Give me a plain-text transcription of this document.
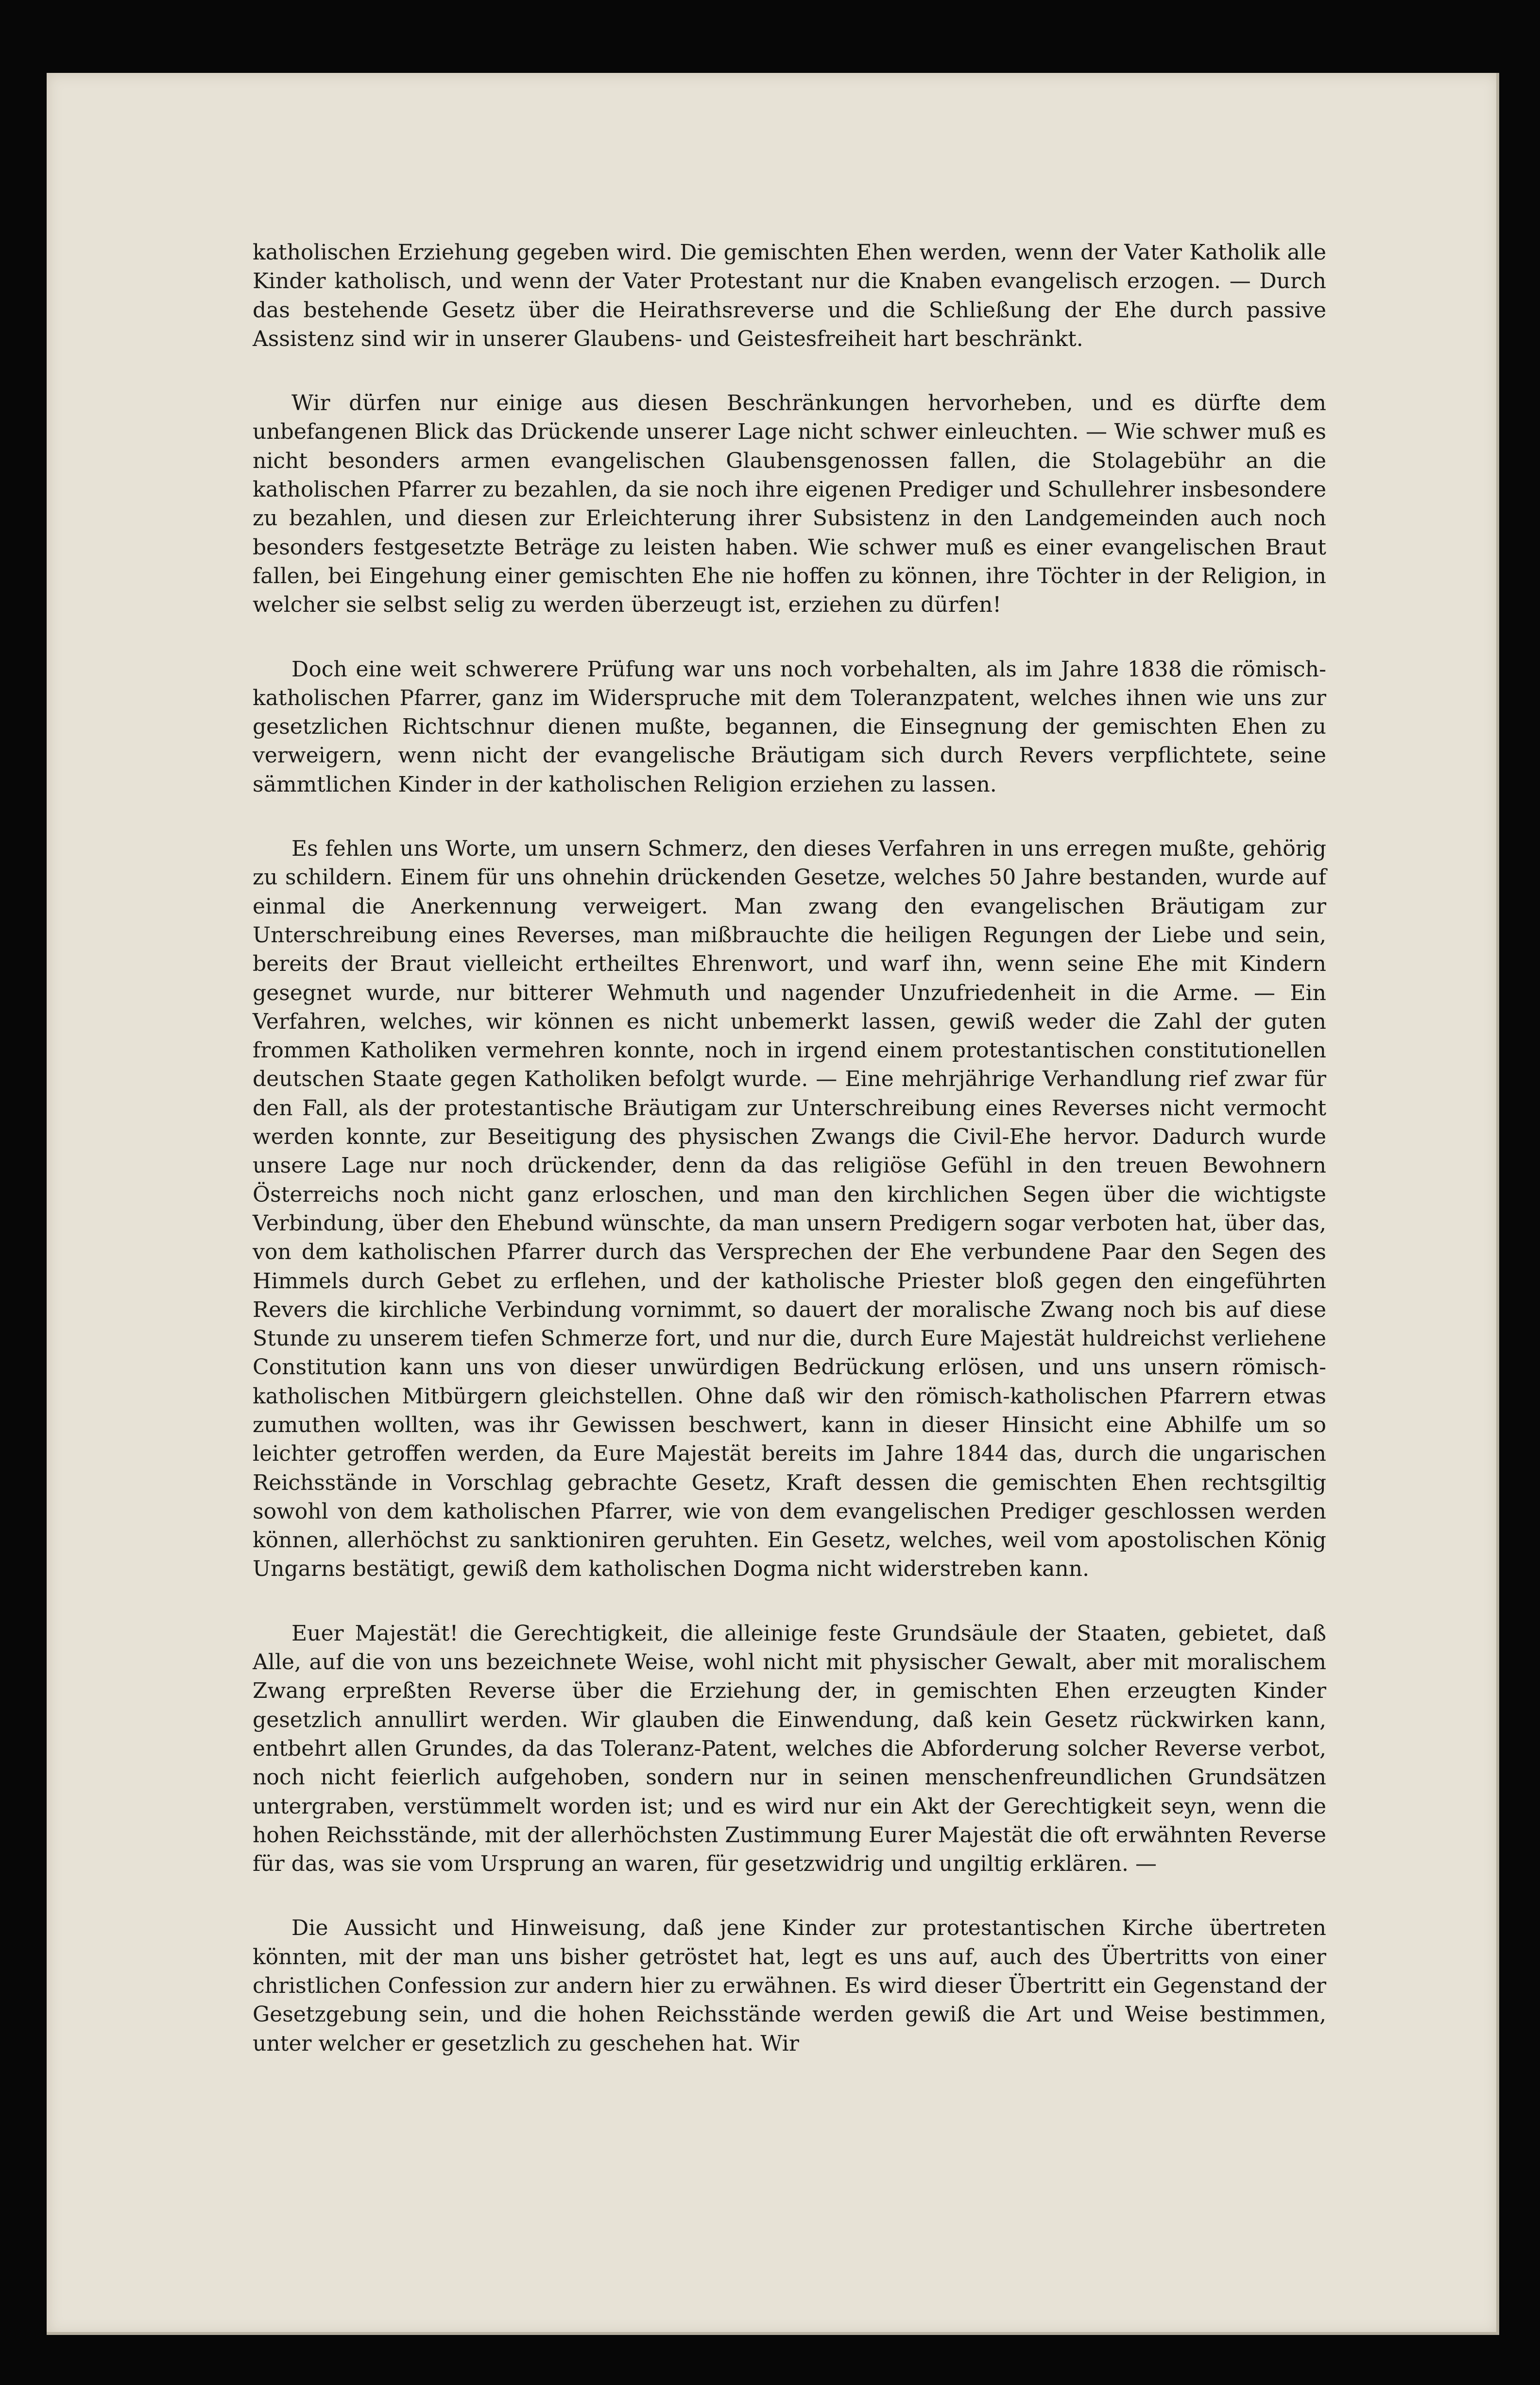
katholischen Erziehung gegeben wird. Die gemischten Ehen werden, wenn der Vater Katholik alle Kinder katholisch, und wenn der Vater Protestant nur die Knaben evangelisch erzogen. — Durch das bestehende Gesetz über die Heirathsreverse und die Schließung der Ehe durch passive Assistenz sind wir in unserer Glaubens- und Geistesfreiheit hart beschränkt.

Wir dürfen nur einige aus diesen Beschränkungen hervorheben, und es dürfte dem unbefangenen Blick das Drückende unserer Lage nicht schwer einleuchten. — Wie schwer muß es nicht besonders armen evangelischen Glaubensgenossen fallen, die Stolagebühr an die katholischen Pfarrer zu bezahlen, da sie noch ihre eigenen Prediger und Schullehrer insbesondere zu bezahlen, und diesen zur Erleichterung ihrer Subsistenz in den Landgemeinden auch noch besonders festgesetzte Beträge zu leisten haben. Wie schwer muß es einer evangelischen Braut fallen, bei Eingehung einer gemischten Ehe nie hoffen zu können, ihre Töchter in der Religion, in welcher sie selbst selig zu werden überzeugt ist, erziehen zu dürfen!

Doch eine weit schwerere Prüfung war uns noch vorbehalten, als im Jahre 1838 die römisch-katholischen Pfarrer, ganz im Widerspruche mit dem Toleranzpatent, welches ihnen wie uns zur gesetzlichen Richtschnur dienen mußte, begannen, die Einsegnung der gemischten Ehen zu verweigern, wenn nicht der evangelische Bräutigam sich durch Revers verpflichtete, seine sämmtlichen Kinder in der katholischen Religion erziehen zu lassen.

Es fehlen uns Worte, um unsern Schmerz, den dieses Verfahren in uns erregen mußte, gehörig zu schildern. Einem für uns ohnehin drückenden Gesetze, welches 50 Jahre bestanden, wurde auf einmal die Anerkennung verweigert. Man zwang den evangelischen Bräutigam zur Unterschreibung eines Reverses, man mißbrauchte die heiligen Regungen der Liebe und sein, bereits der Braut vielleicht ertheiltes Ehrenwort, und warf ihn, wenn seine Ehe mit Kindern gesegnet wurde, nur bitterer Wehmuth und nagender Unzufriedenheit in die Arme. — Ein Verfahren, welches, wir können es nicht unbemerkt lassen, gewiß weder die Zahl der guten frommen Katholiken vermehren konnte, noch in irgend einem protestantischen constitutionellen deutschen Staate gegen Katholiken befolgt wurde. — Eine mehrjährige Verhandlung rief zwar für den Fall, als der protestantische Bräutigam zur Unterschreibung eines Reverses nicht vermocht werden konnte, zur Beseitigung des physischen Zwangs die Civil-Ehe hervor. Dadurch wurde unsere Lage nur noch drückender, denn da das religiöse Gefühl in den treuen Bewohnern Österreichs noch nicht ganz erloschen, und man den kirchlichen Segen über die wichtigste Verbindung, über den Ehebund wünschte, da man unsern Predigern sogar verboten hat, über das, von dem katholischen Pfarrer durch das Versprechen der Ehe verbundene Paar den Segen des Himmels durch Gebet zu erflehen, und der katholische Priester bloß gegen den eingeführten Revers die kirchliche Verbindung vornimmt, so dauert der moralische Zwang noch bis auf diese Stunde zu unserem tiefen Schmerze fort, und nur die, durch Eure Majestät huldreichst verliehene Constitution kann uns von dieser unwürdigen Bedrückung erlösen, und uns unsern römisch-katholischen Mitbürgern gleichstellen. Ohne daß wir den römisch-katholischen Pfarrern etwas zumuthen wollten, was ihr Gewissen beschwert, kann in dieser Hinsicht eine Abhilfe um so leichter getroffen werden, da Eure Majestät bereits im Jahre 1844 das, durch die ungarischen Reichsstände in Vorschlag gebrachte Gesetz, Kraft dessen die gemischten Ehen rechtsgiltig sowohl von dem katholischen Pfarrer, wie von dem evangelischen Prediger geschlossen werden können, allerhöchst zu sanktioniren geruhten. Ein Gesetz, welches, weil vom apostolischen König Ungarns bestätigt, gewiß dem katholischen Dogma nicht widerstreben kann.

Euer Majestät! die Gerechtigkeit, die alleinige feste Grundsäule der Staaten, gebietet, daß Alle, auf die von uns bezeichnete Weise, wohl nicht mit physischer Gewalt, aber mit moralischem Zwang erpreßten Reverse über die Erziehung der, in gemischten Ehen erzeugten Kinder gesetzlich annullirt werden. Wir glauben die Einwendung, daß kein Gesetz rückwirken kann, entbehrt allen Grundes, da das Toleranz-Patent, welches die Abforderung solcher Reverse verbot, noch nicht feierlich aufgehoben, sondern nur in seinen menschenfreundlichen Grundsätzen untergraben, verstümmelt worden ist; und es wird nur ein Akt der Gerechtigkeit seyn, wenn die hohen Reichsstände, mit der allerhöchsten Zustimmung Eurer Majestät die oft erwähnten Reverse für das, was sie vom Ursprung an waren, für gesetzwidrig und ungiltig erklären. —

Die Aussicht und Hinweisung, daß jene Kinder zur protestantischen Kirche übertreten könnten, mit der man uns bisher getröstet hat, legt es uns auf, auch des Übertritts von einer christlichen Confession zur andern hier zu erwähnen. Es wird dieser Übertritt ein Gegenstand der Gesetzgebung sein, und die hohen Reichsstände werden gewiß die Art und Weise bestimmen, unter welcher er gesetzlich zu geschehen hat. Wir
